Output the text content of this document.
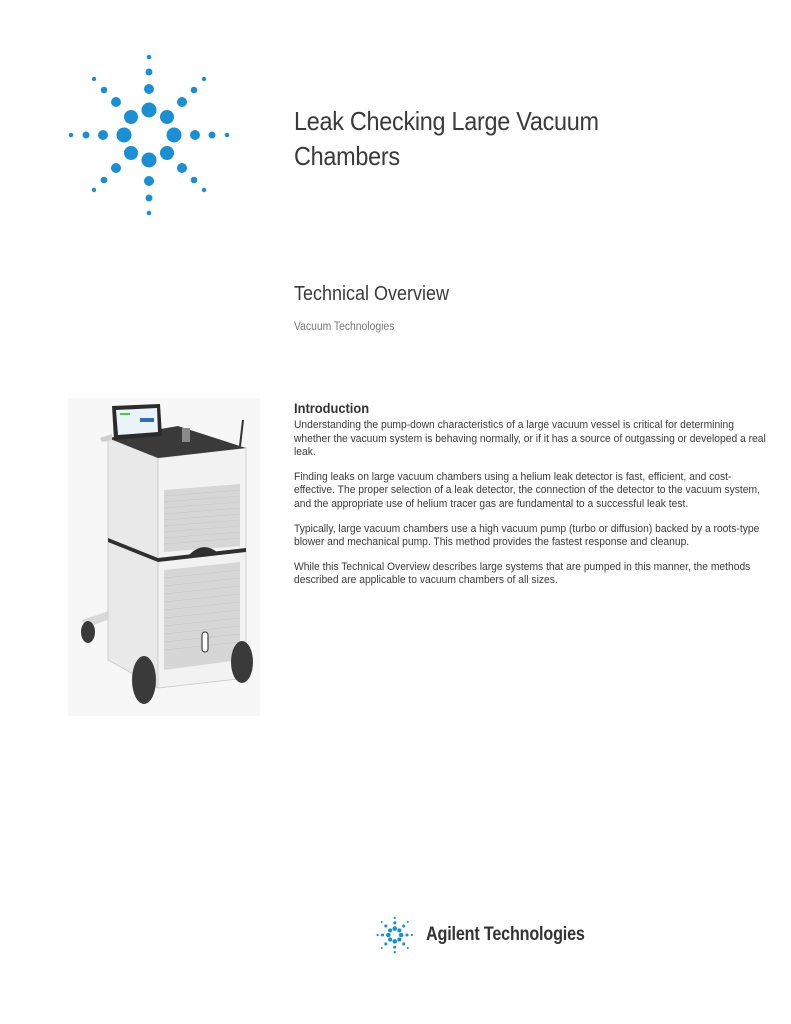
Leak Checking Large Vacuum
Chambers
Technical Overview
Vacuum Technologies
Introduction

Understanding the pump-down characteristics of a large vacuum vessel is critical for determining whether the vacuum system is behaving normally, or if it has a source of outgassing or developed a real leak.

Finding leaks on large vacuum chambers using a helium leak detector is fast, efficient, and cost-effective. The proper selection of a leak detector, the connection of the detector to the vacuum system, and the appropriate use of helium tracer gas are fundamental to a successful leak test.

Typically, large vacuum chambers use a high vacuum pump (turbo or diffusion) backed by a roots-type blower and mechanical pump. This method provides the fastest response and cleanup.

While this Technical Overview describes large systems that are pumped in this manner, the methods described are applicable to vacuum chambers of all sizes.

Agilent Technologies
